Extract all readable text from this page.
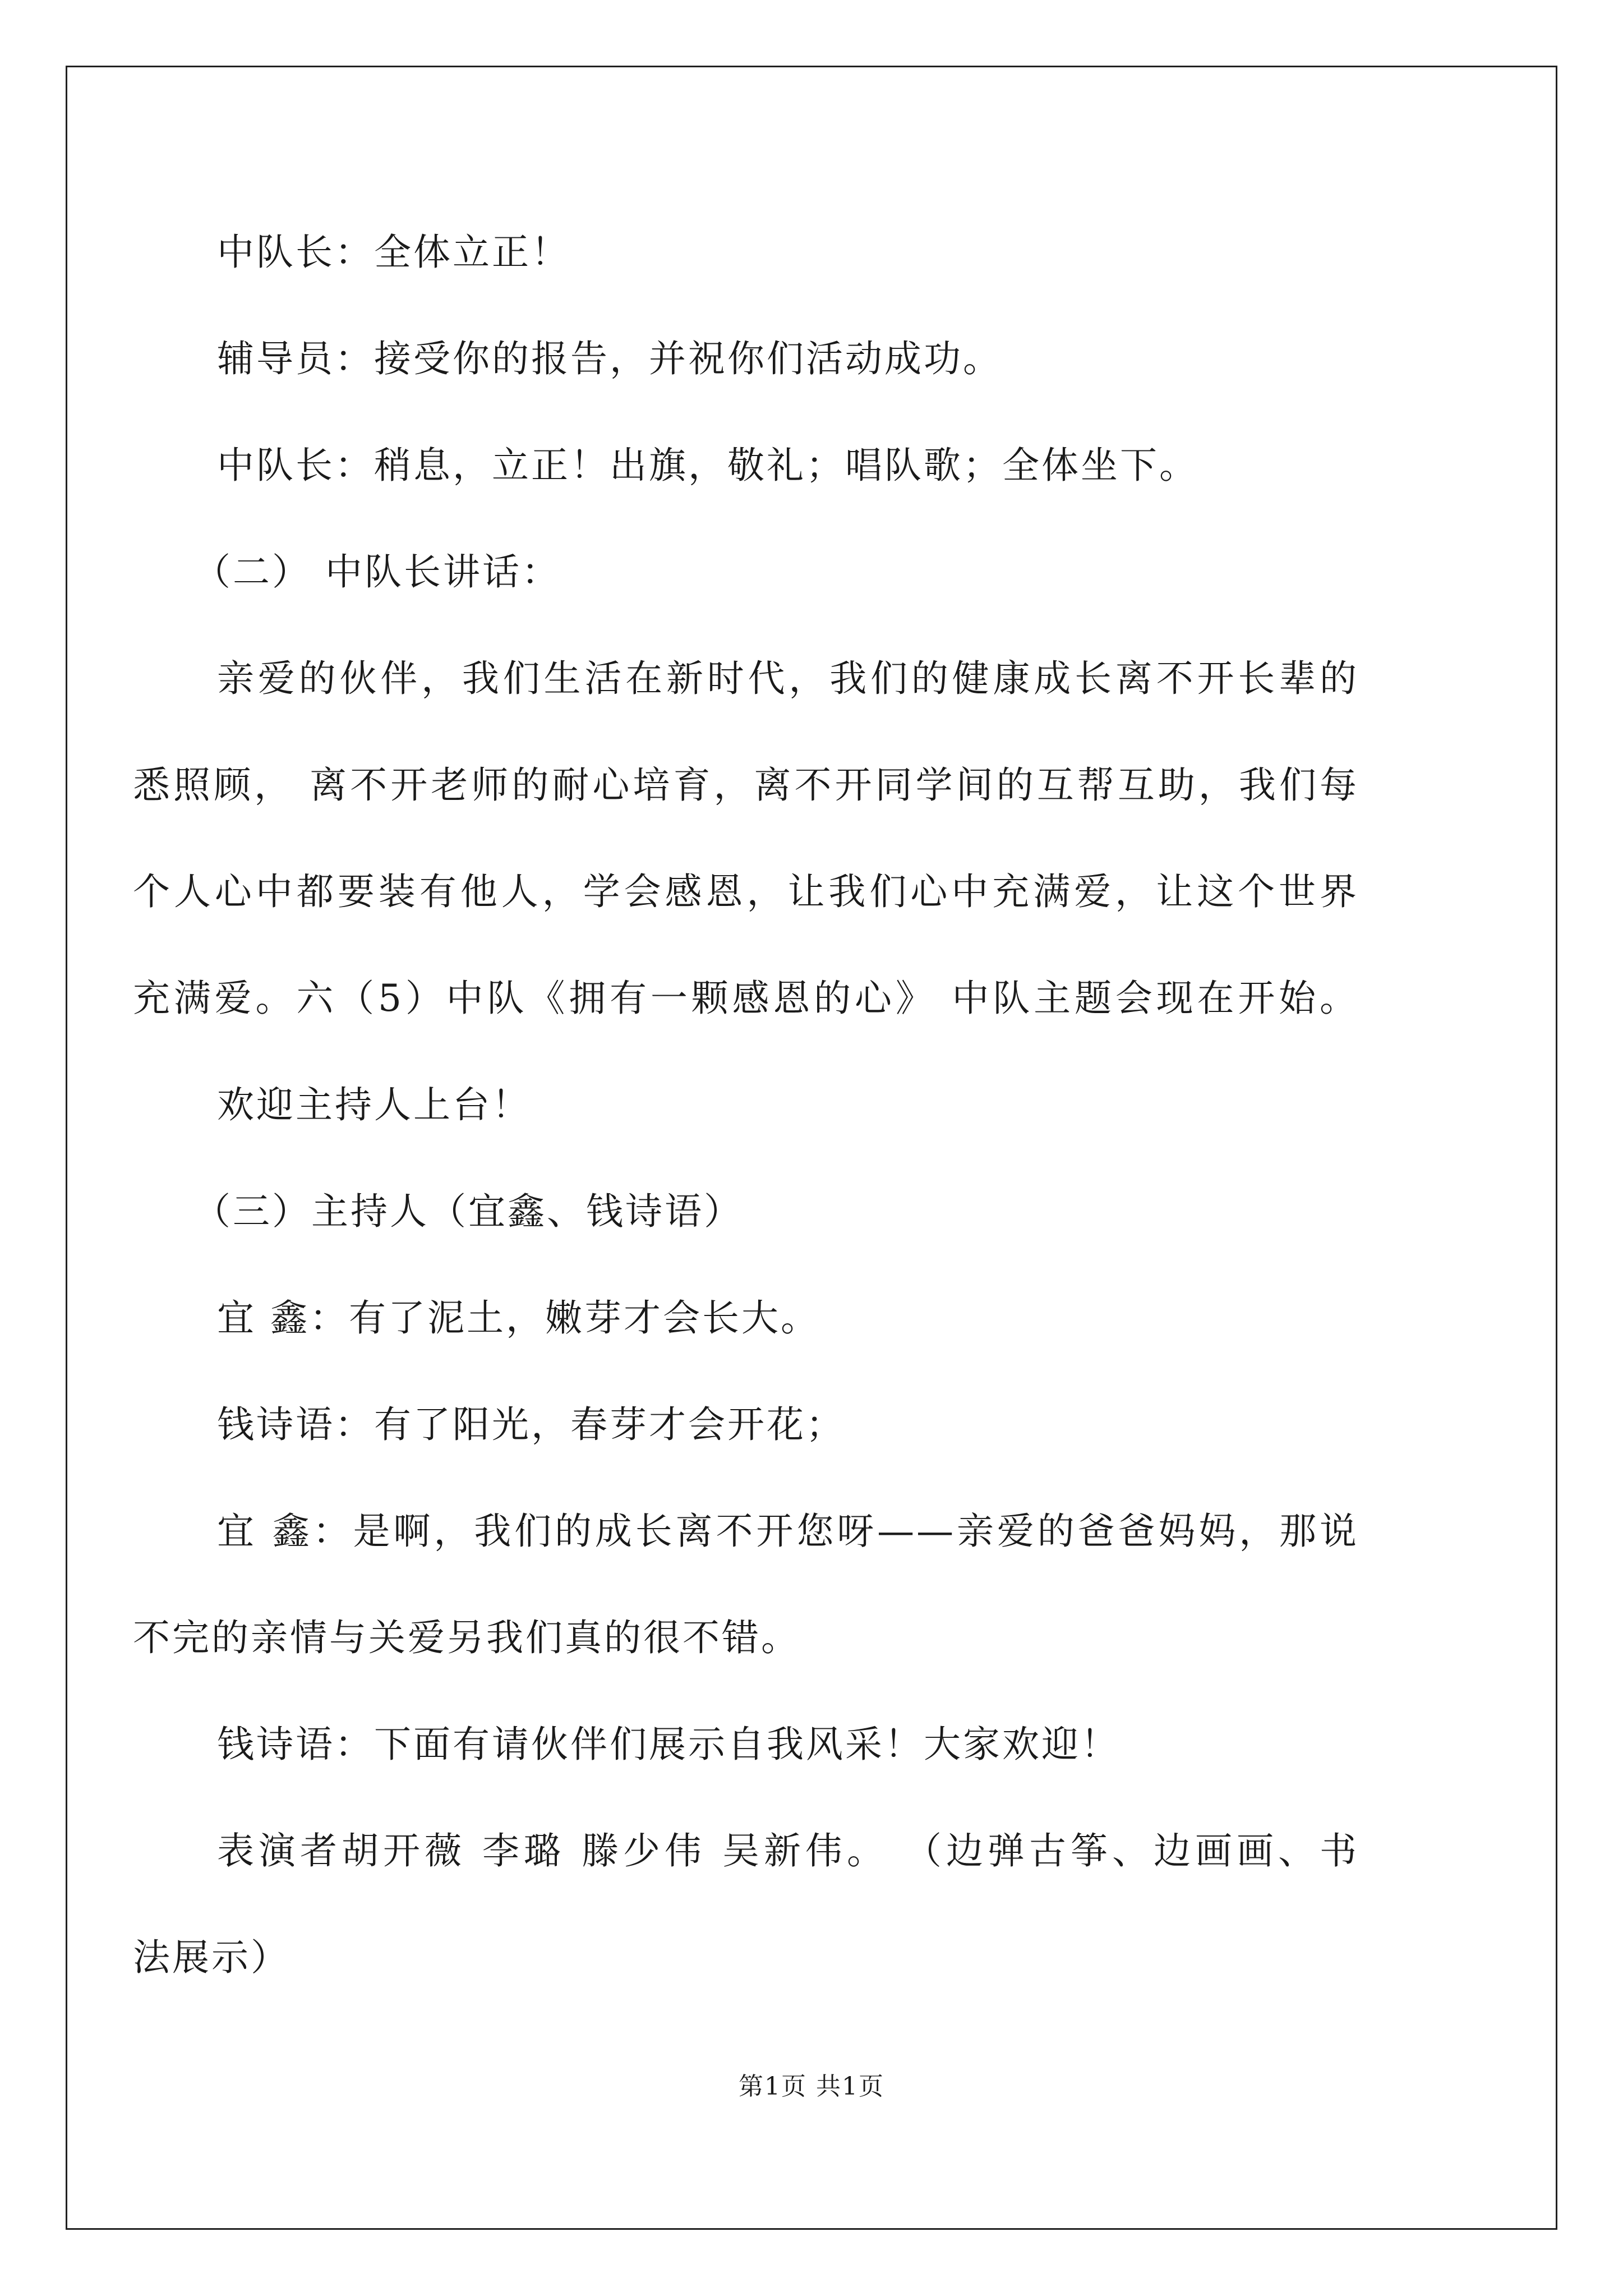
中队长：全体立正！
辅导员：接受你的报告，并祝你们活动成功。
中队长：稍息，立正！出旗，敬礼；唱队歌；全体坐下。
（二） 中队长讲话：
亲爱的伙伴，我们生活在新时代，我们的健康成长离不开长辈的
悉照顾， 离不开老师的耐心培育，离不开同学间的互帮互助，我们每
个人心中都要装有他人，学会感恩，让我们心中充满爱，让这个世界
充满爱。六（5）中队《拥有一颗感恩的心》 中队主题会现在开始。
欢迎主持人上台！
（三）主持人（宜鑫、钱诗语）
宜 鑫：有了泥土，嫩芽才会长大。
钱诗语：有了阳光，春芽才会开花；
宜 鑫：是啊，我们的成长离不开您呀——亲爱的爸爸妈妈，那说
不完的亲情与关爱另我们真的很不错。
钱诗语：下面有请伙伴们展示自我风采！大家欢迎！
表演者胡开薇 李璐 滕少伟 吴新伟。 （边弹古筝、边画画、书
法展示）
第1页 共1页
